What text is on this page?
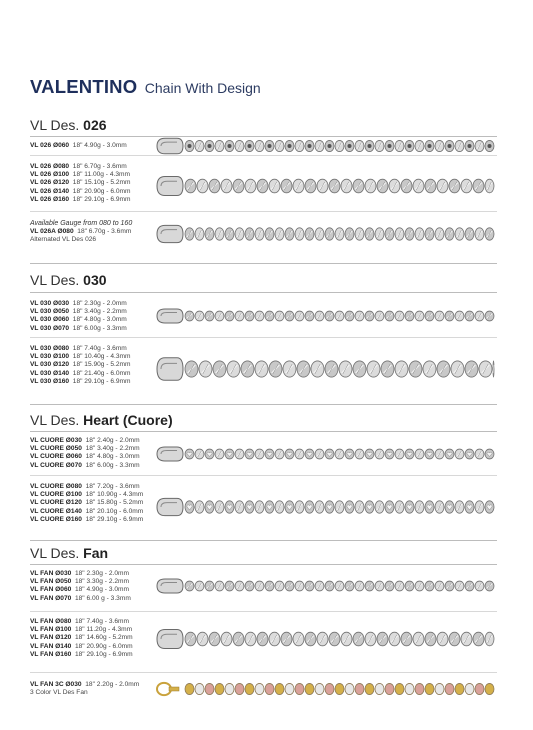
VALENTINO Chain With Design
VL Des. 026
VL 026 Ø060 18" 4.90g - 3.0mm
VL 026 Ø080 18" 6.70g - 3.6mm
VL 026 Ø100 18" 11.00g - 4.3mm
VL 026 Ø120 18" 15.10g - 5.2mm
VL 026 Ø140 18" 20.90g - 6.0mm
VL 026 Ø160 18" 29.10g - 6.9mm
Available Gauge from 080 to 160
VL 026A Ø080 18" 6.70g - 3.6mm
Alternated VL Des 026
VL Des. 030
VL 030 Ø030 18" 2.30g - 2.0mm
VL 030 Ø050 18" 3.40g - 2.2mm
VL 030 Ø060 18" 4.80g - 3.0mm
VL 030 Ø070 18" 6.00g - 3.3mm
VL 030 Ø080 18" 7.40g - 3.6mm
VL 030 Ø100 18" 10.40g - 4.3mm
VL 030 Ø120 18" 15.90g - 5.2mm
VL 030 Ø140 18" 21.40g - 6.0mm
VL 030 Ø160 18" 29.10g - 6.9mm
VL Des. Heart (Cuore)
VL CUORE Ø030 18" 2.40g - 2.0mm
VL CUORE Ø050 18" 3.40g - 2.2mm
VL CUORE Ø060 18" 4.80g - 3.0mm
VL CUORE Ø070 18" 6.00g - 3.3mm
VL CUORE Ø080 18" 7.20g - 3.6mm
VL CUORE Ø100 18" 10.90g - 4.3mm
VL CUORE Ø120 18" 15.80g - 5.2mm
VL CUORE Ø140 18" 20.10g - 6.0mm
VL CUORE Ø160 18" 29.10g - 6.9mm
VL Des. Fan
VL FAN Ø030 18" 2.30g - 2.0mm
VL FAN Ø050 18" 3.30g - 2.2mm
VL FAN Ø060 18" 4.90g - 3.0mm
VL FAN Ø070 18" 6.00 g - 3.3mm
VL FAN Ø080 18" 7.40g - 3.6mm
VL FAN Ø100 18" 11.20g - 4.3mm
VL FAN Ø120 18" 14.60g - 5.2mm
VL FAN Ø140 18" 20.90g - 6.0mm
VL FAN Ø160 18" 29.10g - 6.9mm
VL FAN 3C Ø030 18" 2.20g - 2.0mm
3 Color VL Des Fan
